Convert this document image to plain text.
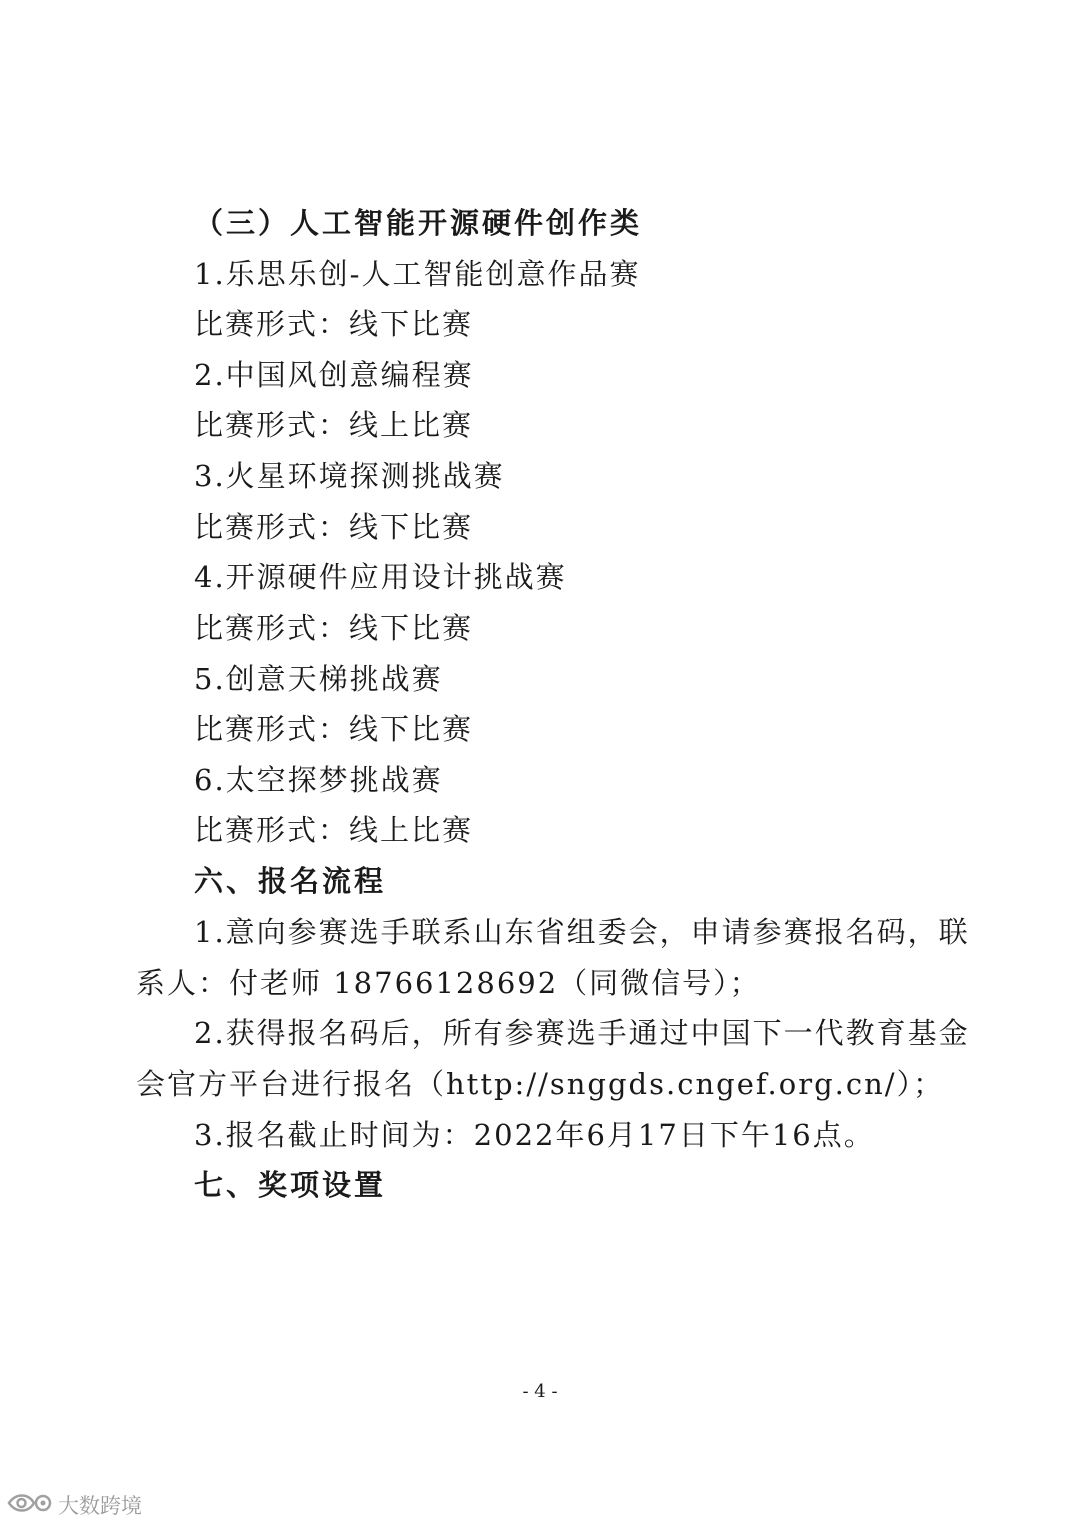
（三）人工智能开源硬件创作类
1.乐思乐创-人工智能创意作品赛
比赛形式：线下比赛
2.中国风创意编程赛
比赛形式：线上比赛
3.火星环境探测挑战赛
比赛形式：线下比赛
4.开源硬件应用设计挑战赛
比赛形式：线下比赛
5.创意天梯挑战赛
比赛形式：线下比赛
6.太空探梦挑战赛
比赛形式：线上比赛
六、报名流程
1.意向参赛选手联系山东省组委会，申请参赛报名码，联
系人：付老师 18766128692（同微信号）；
2.获得报名码后，所有参赛选手通过中国下一代教育基金
会官方平台进行报名（http://snggds.cngef.org.cn/）；
3.报名截止时间为：2022年6月17日下午16点。
七、奖项设置
- 4 -
大数跨境
